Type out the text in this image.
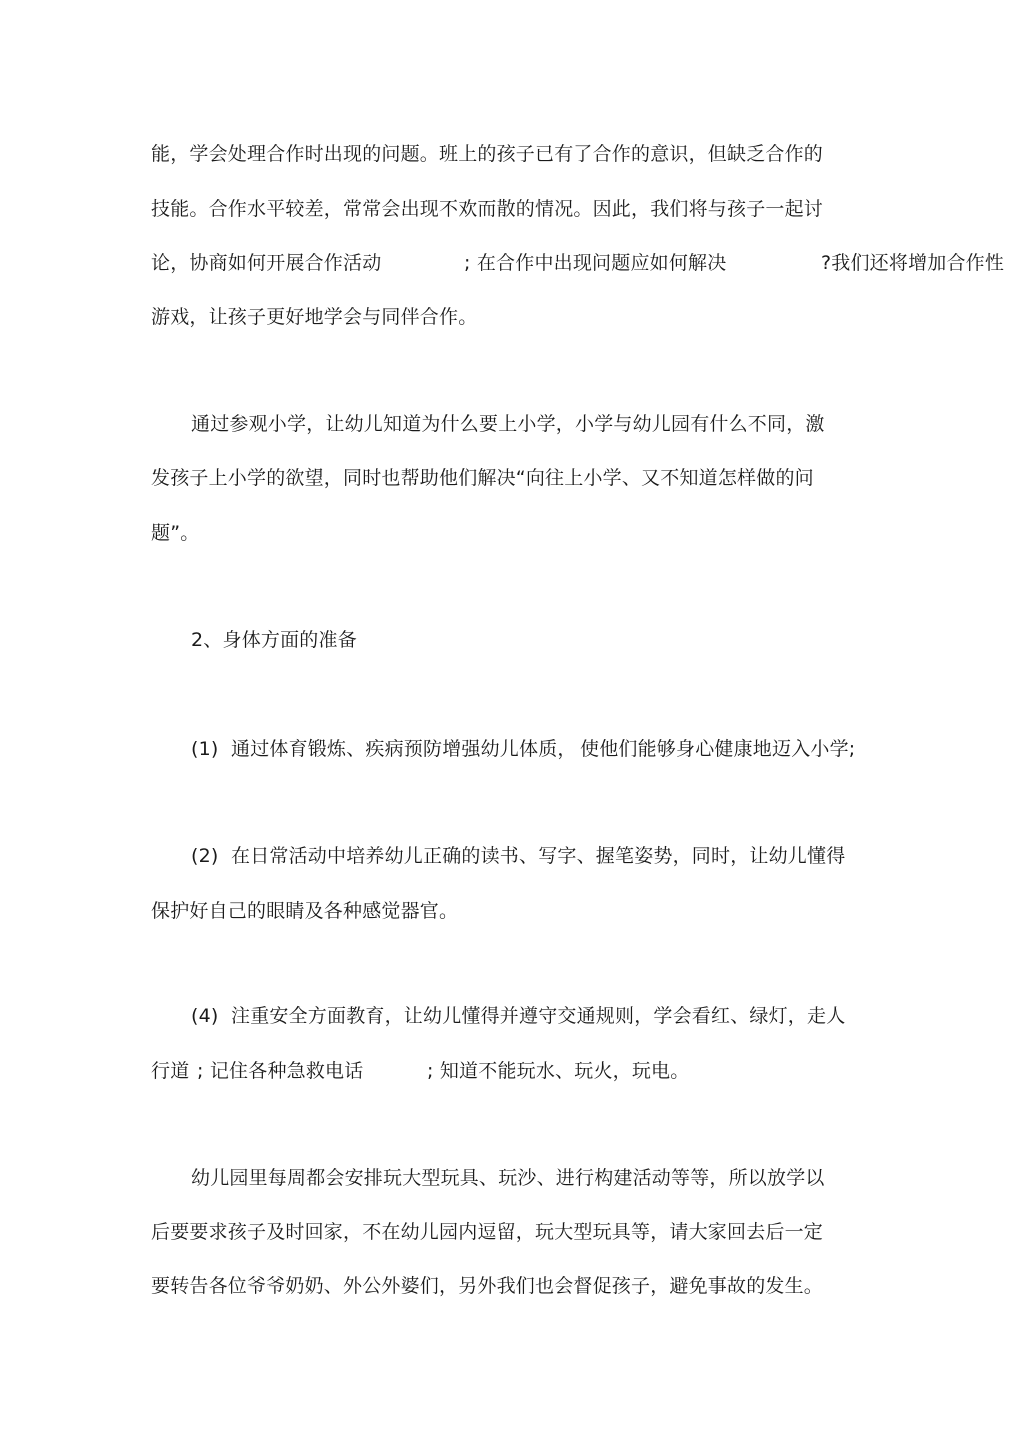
能，学会处理合作时出现的问题。班上的孩子已有了合作的意识，但缺乏合作的
技能。合作水平较差，常常会出现不欢而散的情况。因此，我们将与孩子一起讨
论，协商如何开展合作活动	; 在合作中出现问题应如何解决	?我们还将增加合作性
游戏，让孩子更好地学会与同伴合作。
通过参观小学，让幼儿知道为什么要上小学，小学与幼儿园有什么不同，激
发孩子上小学的欲望，同时也帮助他们解决“向往上小学、又不知道怎样做的问
题”。
2、身体方面的准备
(1) 通过体育锻炼、疾病预防增强幼儿体质， 使他们能够身心健康地迈入小学;
(2) 在日常活动中培养幼儿正确的读书、写字、握笔姿势，同时，让幼儿懂得
保护好自己的眼睛及各种感觉器官。
(4) 注重安全方面教育，让幼儿懂得并遵守交通规则，学会看红、绿灯，走人
行道 ; 记住各种急救电话	; 知道不能玩水、玩火，玩电。
幼儿园里每周都会安排玩大型玩具、玩沙、进行构建活动等等，所以放学以
后要要求孩子及时回家，不在幼儿园内逗留，玩大型玩具等，请大家回去后一定
要转告各位爷爷奶奶、外公外婆们，另外我们也会督促孩子，避免事故的发生。
